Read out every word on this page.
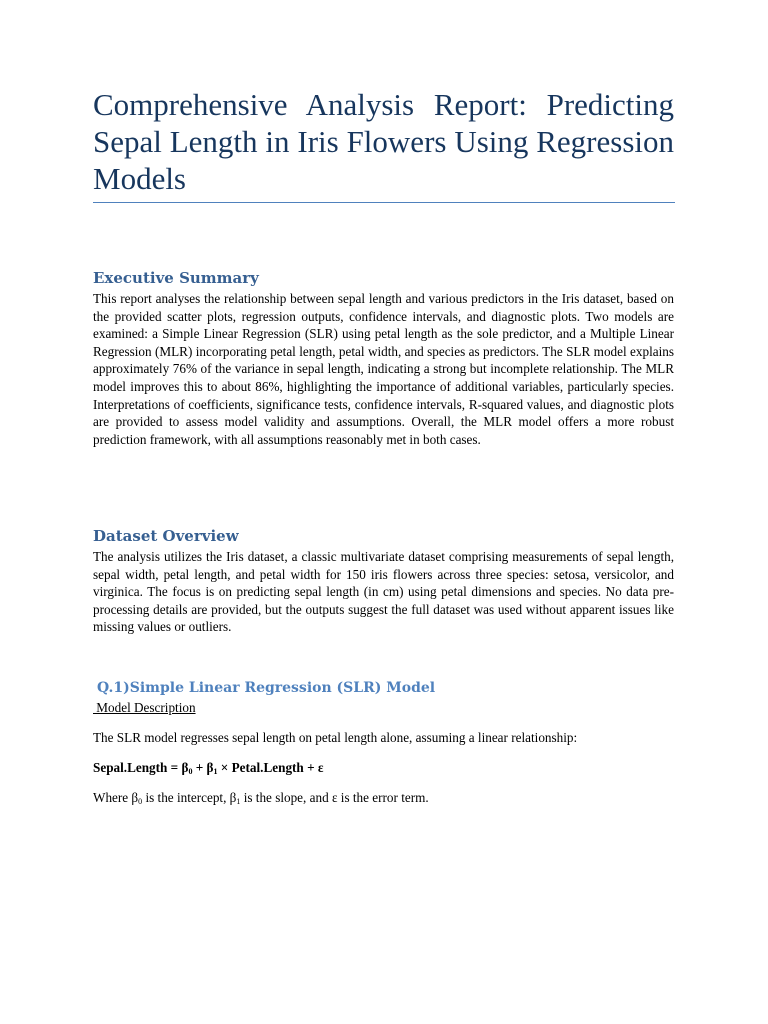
Comprehensive Analysis Report: Predicting Sepal Length in Iris Flowers Using Regression Models
Executive Summary

This report analyses the relationship between sepal length and various predictors in the Iris dataset, based on the provided scatter plots, regression outputs, confidence intervals, and diagnostic plots. Two models are examined: a Simple Linear Regression (SLR) using petal length as the sole predictor, and a Multiple Linear Regression (MLR) incorporating petal length, petal width, and species as predictors. The SLR model explains approximately 76% of the variance in sepal length, indicating a strong but incomplete relationship. The MLR model improves this to about 86%, highlighting the importance of additional variables, particularly species. Interpretations of coefficients, significance tests, confidence intervals, R-squared values, and diagnostic plots are provided to assess model validity and assumptions. Overall, the MLR model offers a more robust prediction framework, with all assumptions reasonably met in both cases.

Dataset Overview

The analysis utilizes the Iris dataset, a classic multivariate dataset comprising measurements of sepal length, sepal width, petal length, and petal width for 150 iris flowers across three species: setosa, versicolor, and virginica. The focus is on predicting sepal length (in cm) using petal dimensions and species. No data pre-processing details are provided, but the outputs suggest the full dataset was used without apparent issues like missing values or outliers.

Q.1)Simple Linear Regression (SLR) Model

Model Description

The SLR model regresses sepal length on petal length alone, assuming a linear relationship:

Sepal.Length = $\beta_0 + \beta_1$ × Petal.Length + ε

Where $\beta_0$ is the intercept, $\beta_1$ is the slope, and ε is the error term.
